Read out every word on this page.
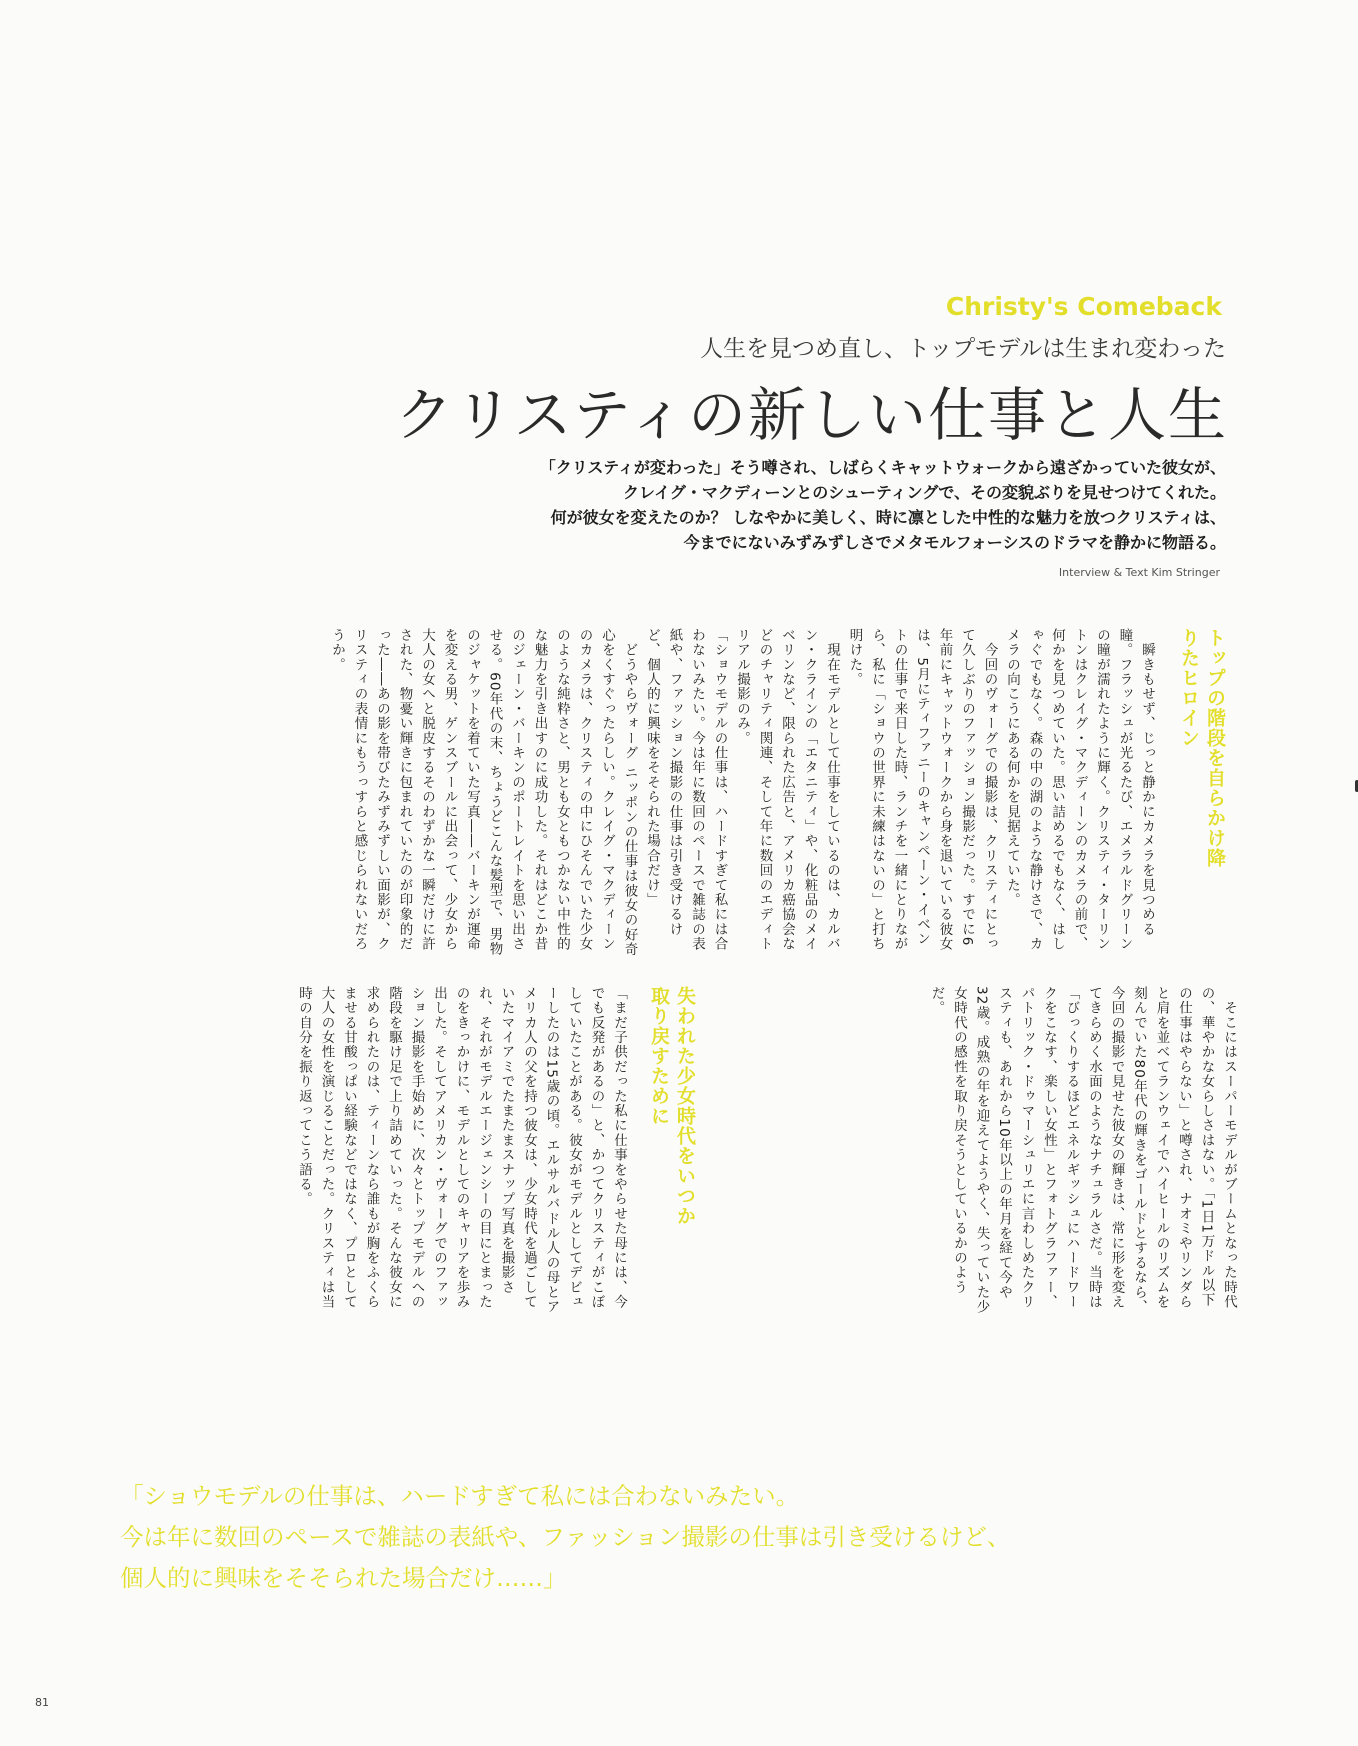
Christy's Comeback
人生を見つめ直し、トップモデルは生まれ変わった
クリスティの新しい仕事と人生
「クリスティが変わった」そう噂され、しばらくキャットウォークから遠ざかっていた彼女が、
クレイグ・マクディーンとのシューティングで、その変貌ぶりを見せつけてくれた。
何が彼女を変えたのか？ しなやかに美しく、時に凛とした中性的な魅力を放つクリスティは、
今までにないみずみずしさでメタモルフォーシスのドラマを静かに物語る。
Interview & Text Kim Stringer
トップの階段を自らかけ降りたヒロイン

　瞬きもせず、じっと静かにカメラを見つめる瞳。フラッシュが光るたび、エメラルドグリーンの瞳が濡れたように輝く。クリスティ・ターリントンはクレイグ・マクディーンのカメラの前で、何かを見つめていた。思い詰めるでもなく、はしゃぐでもなく。森の中の湖のような静けさで、カメラの向こうにある何かを見据えていた。

　今回のヴォーグでの撮影は、クリスティにとって久しぶりのファッション撮影だった。すでに6年前にキャットウォークから身を退いている彼女は、5月にティファニーのキャンペーン・イベントの仕事で来日した時、ランチを一緒にとりながら、私に「ショウの世界に未練はないの」と打ち明けた。

　現在モデルとして仕事をしているのは、カルバン・クラインの「エタニティ」や、化粧品のメイベリンなど、限られた広告と、アメリカ癌協会などのチャリティ関連、そして年に数回のエディトリアル撮影のみ。

「ショウモデルの仕事は、ハードすぎて私には合わないみたい。今は年に数回のペースで雑誌の表紙や、ファッション撮影の仕事は引き受けるけど、個人的に興味をそそられた場合だけ」

　どうやらヴォーグ ニッポンの仕事は彼女の好奇心をくすぐったらしい。クレイグ・マクディーンのカメラは、クリスティの中にひそんでいた少女のような純粋さと、男とも女ともつかない中性的な魅力を引き出すのに成功した。それはどこか昔のジェーン・バーキンのポートレイトを思い出させる。60年代の末、ちょうどこんな髪型で、男物のジャケットを着ていた写真――バーキンが運命を変える男、ゲンスブールに出会って、少女から大人の女へと脱皮するそのわずかな一瞬だけに許された、物憂い輝きに包まれていたのが印象的だった――あの影を帯びたみずみずしい面影が、クリスティの表情にもうっすらと感じられないだろうか。

　そこにはスーパーモデルがブームとなった時代の、華やかな女らしさはない。「1日1万ドル以下の仕事はやらない」と噂され、ナオミやリンダらと肩を並べてランウェイでハイヒールのリズムを刻んでいた80年代の輝きをゴールドとするなら、今回の撮影で見せた彼女の輝きは、常に形を変えてきらめく水面のようなナチュラルさだ。当時は「びっくりするほどエネルギッシュにハードワークをこなす、楽しい女性」とフォトグラファー、パトリック・ドゥマーシュリエに言わしめたクリスティも、あれから10年以上の年月を経て今や32歳。成熟の年を迎えてようやく、失っていた少女時代の感性を取り戻そうとしているかのようだ。

失われた少女時代をいつか取り戻すために

「まだ子供だった私に仕事をやらせた母には、今でも反発があるの」と、かつてクリスティがこぼしていたことがある。彼女がモデルとしてデビューしたのは15歳の頃。エルサルバドル人の母とアメリカ人の父を持つ彼女は、少女時代を過ごしていたマイアミでたまたまスナップ写真を撮影され、それがモデルエージェンシーの目にとまったのをきっかけに、モデルとしてのキャリアを歩み出した。そしてアメリカン・ヴォーグでのファッション撮影を手始めに、次々とトップモデルへの階段を駆け足で上り詰めていった。そんな彼女に求められたのは、ティーンなら誰もが胸をふくらませる甘酸っぱい経験などではなく、プロとして大人の女性を演じることだった。クリスティは当時の自分を振り返ってこう語る。

「ショウモデルの仕事は、ハードすぎて私には合わないみたい。
今は年に数回のペースで雑誌の表紙や、ファッション撮影の仕事は引き受けるけど、
個人的に興味をそそられた場合だけ……」
81
